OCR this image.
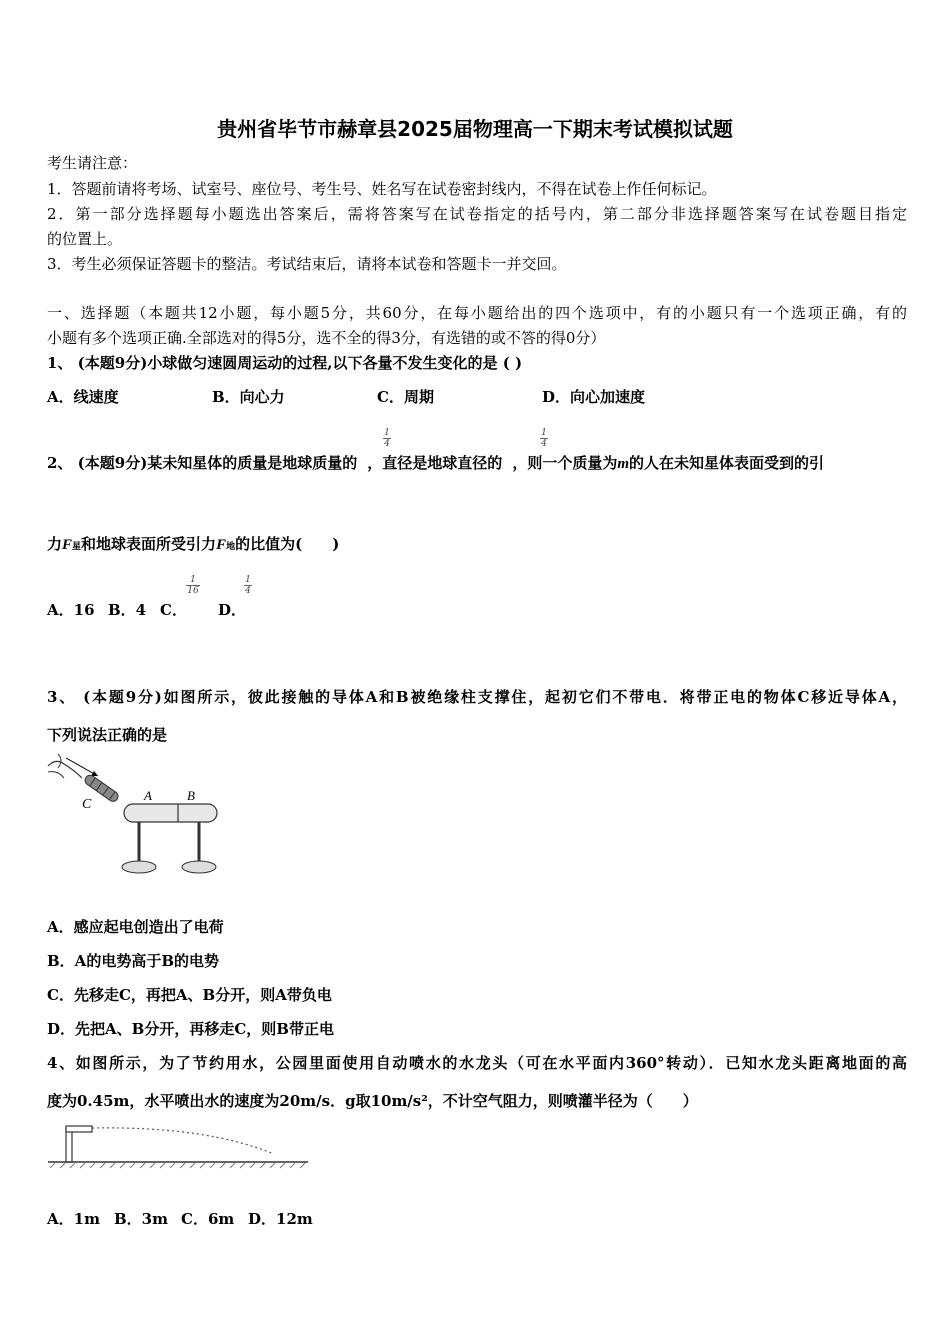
贵州省毕节市赫章县2025届物理高一下期末考试模拟试题
考生请注意：
1．答题前请将考场、试室号、座位号、考生号、姓名写在试卷密封线内，不得在试卷上作任何标记。
2．第一部分选择题每小题选出答案后，需将答案写在试卷指定的括号内，第二部分非选择题答案写在试卷题目指定
的位置上。
3．考生必须保证答题卡的整洁。考试结束后，请将本试卷和答题卡一并交回。
一、选择题（本题共12小题，每小题5分，共60分，在每小题给出的四个选项中，有的小题只有一个选项正确，有的
小题有多个选项正确.全部选对的得5分，选不全的得3分，有选错的或不答的得0分）
1、 (本题9分)小球做匀速圆周运动的过程,以下各量不发生变化的是 ( )
A．线速度	B．向心力	C．周期	D．向心加速度
2、 (本题9分)某未知星体的质量是地球质量的 ，直径是地球直径的 ，则一个质量为m的人在未知星体表面受到的引
1
4
1
4
力F星和地球表面所受引力F地的比值为(　　)
A．16 B．4 C．
1
16
D．
1
4
3、 (本题9分)如图所示，彼此接触的导体A和B被绝缘柱支撑住，起初它们不带电．将带正电的物体C移近导体A，
下列说法正确的是
C
A	B
A．感应起电创造出了电荷
B．A的电势高于B的电势
C．先移走C，再把A、B分开，则A带负电
D．先把A、B分开，再移走C，则B带正电
4、如图所示，为了节约用水，公园里面使用自动喷水的水龙头（可在水平面内360°转动）．已知水龙头距离地面的高
度为0.45m，水平喷出水的速度为20m/s．g取10m/s²，不计空气阻力，则喷灌半径为（　　）
A．1m B．3m C．6m D．12m
